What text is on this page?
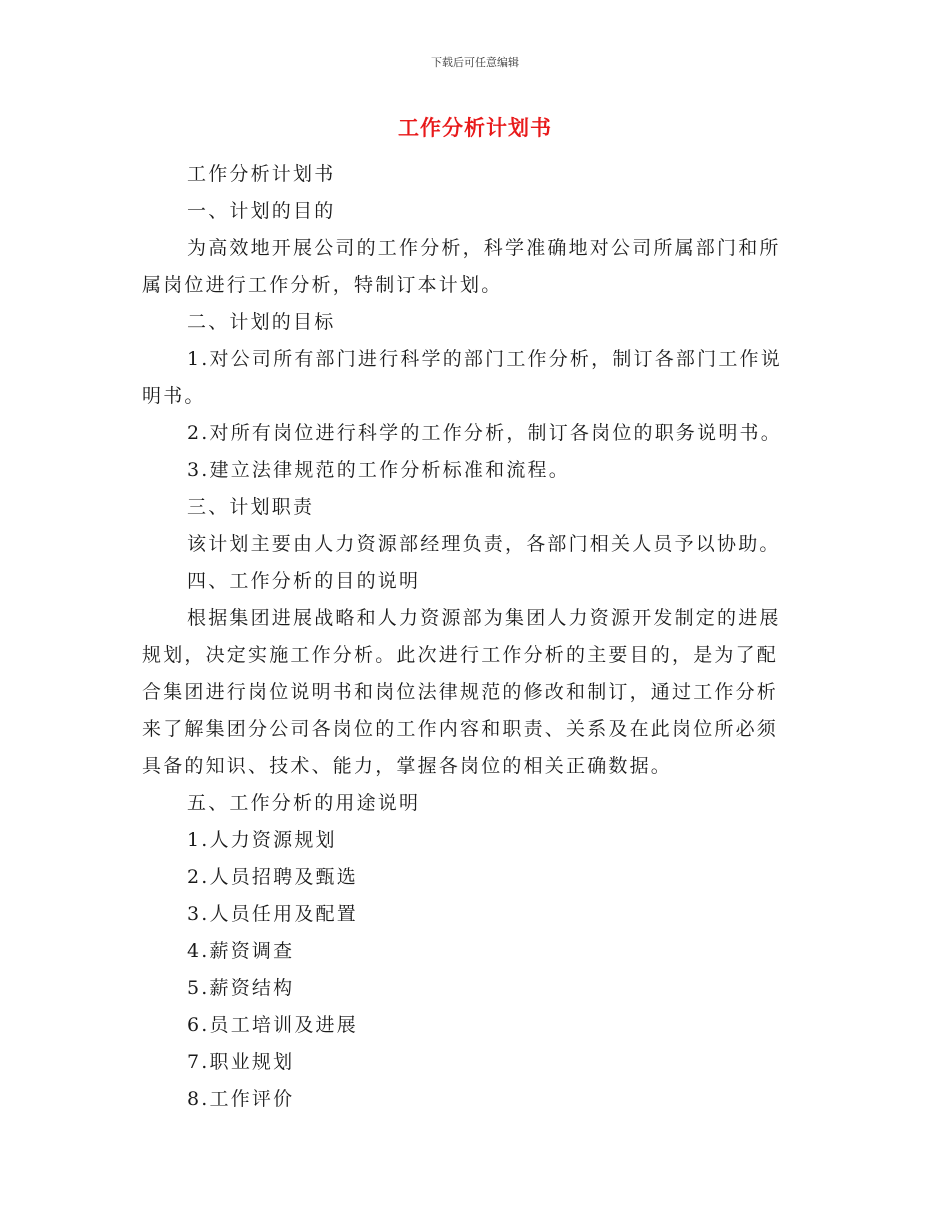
下载后可任意编辑
工作分析计划书

工作分析计划书

一、计划的目的

为高效地开展公司的工作分析，科学准确地对公司所属部门和所属岗位进行工作分析，特制订本计划。

二、计划的目标

1.对公司所有部门进行科学的部门工作分析，制订各部门工作说明书。

2.对所有岗位进行科学的工作分析，制订各岗位的职务说明书。

3.建立法律规范的工作分析标准和流程。

三、计划职责

该计划主要由人力资源部经理负责，各部门相关人员予以协助。

四、工作分析的目的说明

根据集团进展战略和人力资源部为集团人力资源开发制定的进展规划，决定实施工作分析。此次进行工作分析的主要目的，是为了配合集团进行岗位说明书和岗位法律规范的修改和制订，通过工作分析来了解集团分公司各岗位的工作内容和职责、关系及在此岗位所必须具备的知识、技术、能力，掌握各岗位的相关正确数据。

五、工作分析的用途说明

1.人力资源规划

2.人员招聘及甄选

3.人员任用及配置

4.薪资调查

5.薪资结构

6.员工培训及进展

7.职业规划

8.工作评价
